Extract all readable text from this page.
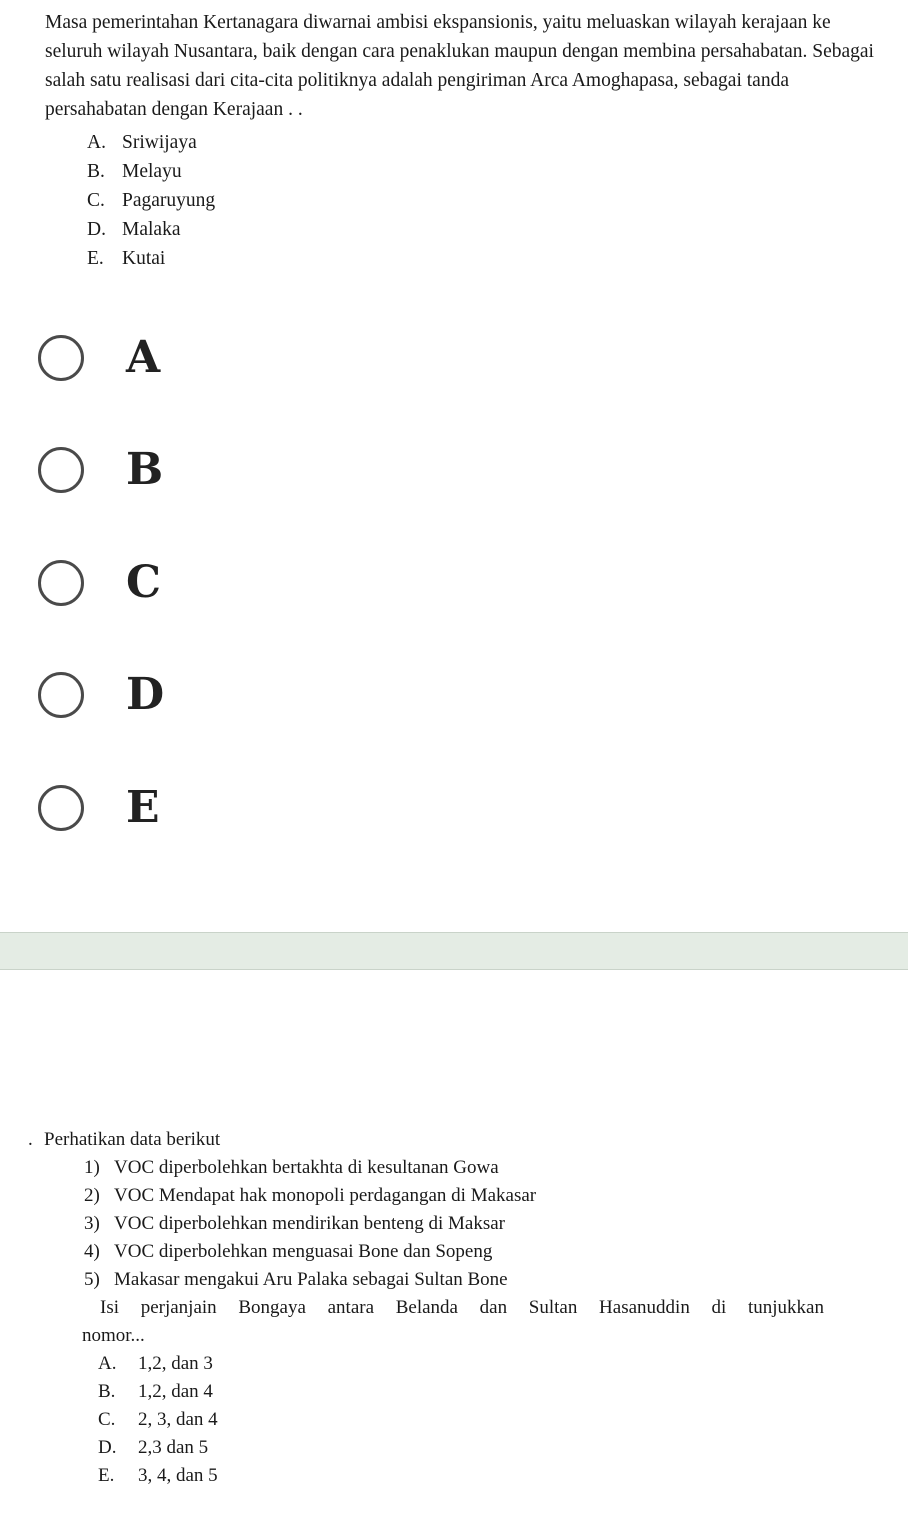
Masa pemerintahan Kertanagara diwarnai ambisi ekspansionis, yaitu meluaskan wilayah kerajaan ke seluruh wilayah Nusantara, baik dengan cara penaklukan maupun dengan membina persahabatan. Sebagai salah satu realisasi dari cita-cita politiknya adalah pengiriman Arca Amoghapasa, sebagai tanda persahabatan dengan Kerajaan . .
A. Sriwijaya
B. Melayu
C. Pagaruyung
D. Malaka
E. Kutai
A
B
C
D
E
. Perhatikan data berikut
1) VOC diperbolehkan bertakhta di kesultanan Gowa
2) VOC Mendapat hak monopoli perdagangan di Makasar
3) VOC diperbolehkan mendirikan benteng di Maksar
4) VOC diperbolehkan menguasai Bone dan Sopeng
5) Makasar mengakui Aru Palaka sebagai Sultan Bone
Isi perjanjain Bongaya antara Belanda dan Sultan Hasanuddin di tunjukkan
nomor...
A. 1,2, dan 3
B. 1,2, dan 4
C. 2, 3, dan 4
D. 2,3 dan 5
E. 3, 4, dan 5
